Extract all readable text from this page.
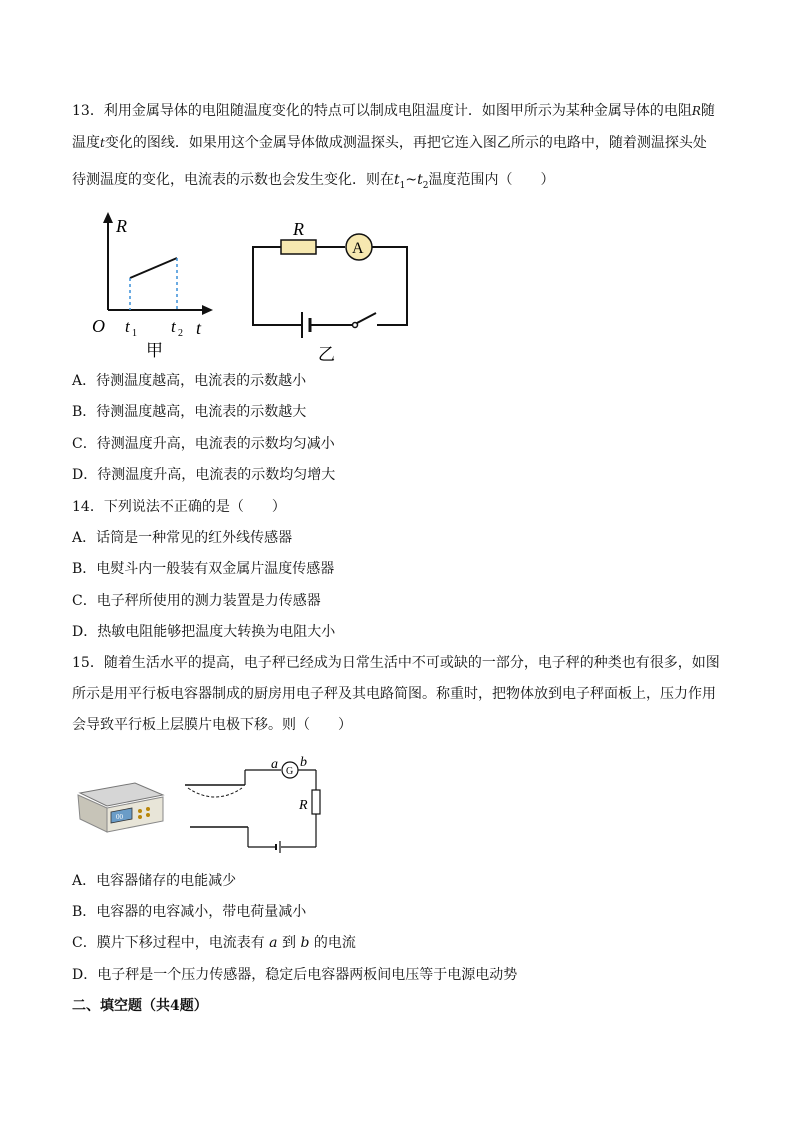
13．利用金属导体的电阻随温度变化的特点可以制成电阻温度计．如图甲所示为某种金属导体的电阻R随
温度t变化的图线．如果用这个金属导体做成测温探头，再把它连入图乙所示的电路中，随着测温探头处
待测温度的变化，电流表的示数也会发生变化．则在$t_1\sim t_2$温度范围内（　　）
R
O t 1 t 2 t
甲
R
A
乙
A．待测温度越高，电流表的示数越小
B．待测温度越高，电流表的示数越大
C．待测温度升高，电流表的示数均匀减小
D．待测温度升高，电流表的示数均匀增大
14．下列说法不正确的是（　　）
A．话筒是一种常见的红外线传感器
B．电熨斗内一般装有双金属片温度传感器
C．电子秤所使用的测力装置是力传感器
D．热敏电阻能够把温度大转换为电阻大小
15．随着生活水平的提高，电子秤已经成为日常生活中不可或缺的一部分，电子秤的种类也有很多，如图
所示是用平行板电容器制成的厨房用电子秤及其电路简图。称重时，把物体放到电子秤面板上，压力作用
会导致平行板上层膜片电极下移。则（　　）
00
G
a b
R
A．电容器储存的电能减少
B．电容器的电容减小，带电荷量减小
C．膜片下移过程中，电流表有 a 到 b 的电流
D．电子秤是一个压力传感器，稳定后电容器两板间电压等于电源电动势
二、填空题（共4题）
